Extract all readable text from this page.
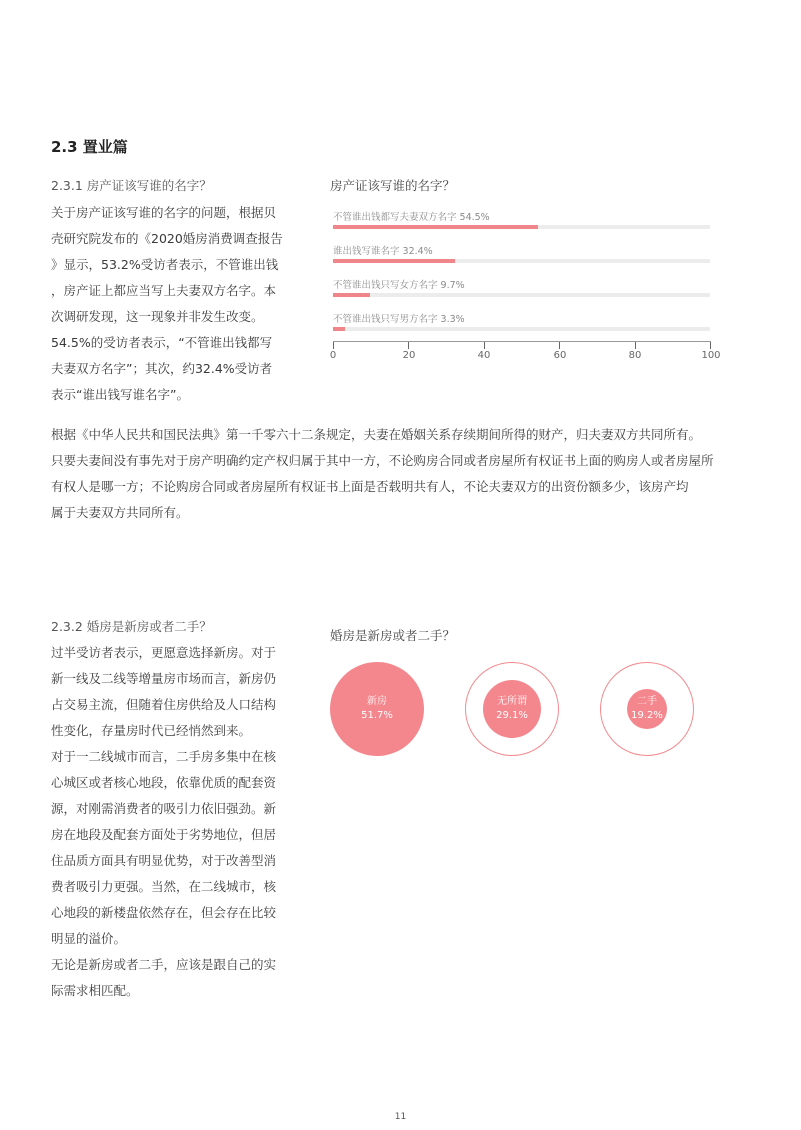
2.3 置业篇
2.3.1 房产证该写谁的名字？

关于房产证该写谁的名字的问题，根据贝

壳研究院发布的《2020婚房消费调查报告

》显示，53.2%受访者表示，不管谁出钱

，房产证上都应当写上夫妻双方名字。本

次调研发现，这一现象并非发生改变。

54.5%的受访者表示，“不管谁出钱都写

夫妻双方名字”；其次，约32.4%受访者

表示“谁出钱写谁名字”。

根据《中华人民共和国民法典》第一千零六十二条规定，夫妻在婚姻关系存续期间所得的财产，归夫妻双方共同所有。

只要夫妻间没有事先对于房产明确约定产权归属于其中一方，不论购房合同或者房屋所有权证书上面的购房人或者房屋所

有权人是哪一方；不论购房合同或者房屋所有权证书上面是否载明共有人，不论夫妻双方的出资份额多少，该房产均

属于夫妻双方共同所有。

房产证该写谁的名字？
不管谁出钱都写夫妻双方名字 54.5%
谁出钱写谁名字 32.4%
不管谁出钱只写女方名字 9.7%
不管谁出钱只写男方名字 3.3%
0	20	40	60	80	100
2.3.2 婚房是新房或者二手？

过半受访者表示，更愿意选择新房。对于

新一线及二线等增量房市场而言，新房仍

占交易主流，但随着住房供给及人口结构

性变化，存量房时代已经悄然到来。

对于一二线城市而言，二手房多集中在核

心城区或者核心地段，依靠优质的配套资

源，对刚需消费者的吸引力依旧强劲。新

房在地段及配套方面处于劣势地位，但居

住品质方面具有明显优势，对于改善型消

费者吸引力更强。当然，在二线城市，核

心地段的新楼盘依然存在，但会存在比较

明显的溢价。

无论是新房或者二手，应该是跟自己的实

际需求相匹配。

婚房是新房或者二手？
新房
51.7%
无所谓
29.1%
二手
19.2%
11
